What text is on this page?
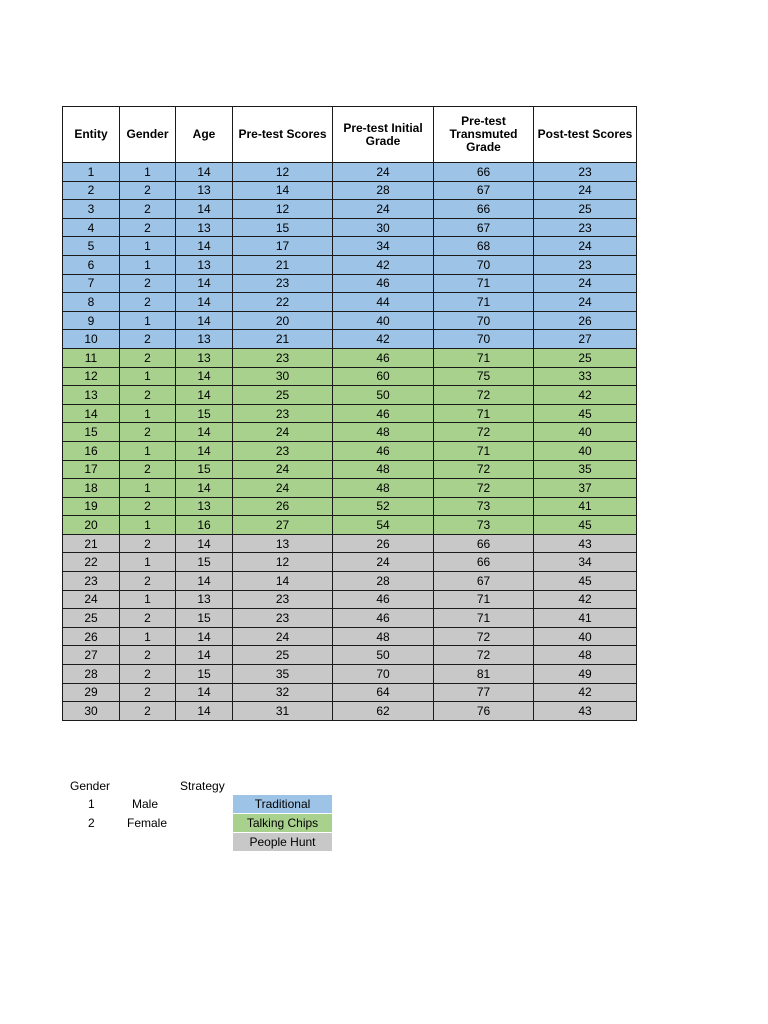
Entity	Gender	Age	Pre-test Scores	Pre-test Initial Grade	Pre-test Transmuted Grade	Post-test Scores
1	1	14	12	24	66	23
2	2	13	14	28	67	24
3	2	14	12	24	66	25
4	2	13	15	30	67	23
5	1	14	17	34	68	24
6	1	13	21	42	70	23
7	2	14	23	46	71	24
8	2	14	22	44	71	24
9	1	14	20	40	70	26
10	2	13	21	42	70	27
11	2	13	23	46	71	25
12	1	14	30	60	75	33
13	2	14	25	50	72	42
14	1	15	23	46	71	45
15	2	14	24	48	72	40
16	1	14	23	46	71	40
17	2	15	24	48	72	35
18	1	14	24	48	72	37
19	2	13	26	52	73	41
20	1	16	27	54	73	45
21	2	14	13	26	66	43
22	1	15	12	24	66	34
23	2	14	14	28	67	45
24	1	13	23	46	71	42
25	2	15	23	46	71	41
26	1	14	24	48	72	40
27	2	14	25	50	72	48
28	2	15	35	70	81	49
29	2	14	32	64	77	42
30	2	14	31	62	76	43
Gender	Strategy
1	Male
2	Female
Traditional
Talking Chips
People Hunt
